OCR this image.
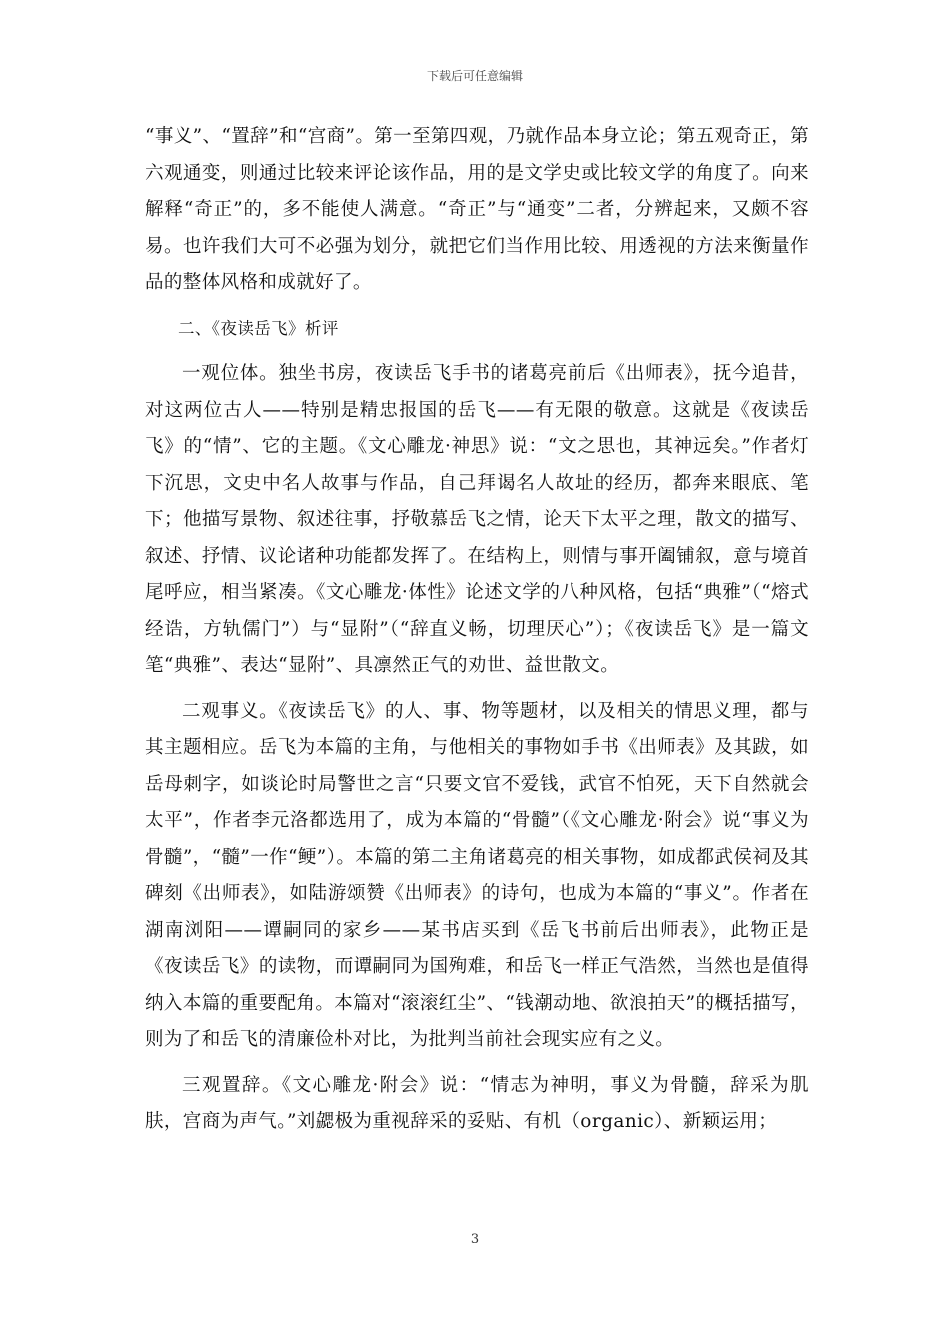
下载后可任意编辑

“事义”、“置辞”和“宫商”。第一至第四观，乃就作品本身立论；第五观奇正，第六观通变，则通过比较来评论该作品，用的是文学史或比较文学的角度了。向来解释“奇正”的，多不能使人满意。“奇正”与“通变”二者，分辨起来，又颇不容易。也许我们大可不必强为划分，就把它们当作用比较、用透视的方法来衡量作品的整体风格和成就好了。

二、《夜读岳飞》析评

一观位体。独坐书房，夜读岳飞手书的诸葛亮前后《出师表》，抚今追昔，对这两位古人——特别是精忠报国的岳飞——有无限的敬意。这就是《夜读岳飞》的“情”、它的主题。《文心雕龙·神思》说：“文之思也，其神远矣。”作者灯下沉思，文史中名人故事与作品，自己拜谒名人故址的经历，都奔来眼底、笔下；他描写景物、叙述往事，抒敬慕岳飞之情，论天下太平之理，散文的描写、叙述、抒情、议论诸种功能都发挥了。在结构上，则情与事开阖铺叙，意与境首尾呼应，相当紧凑。《文心雕龙·体性》论述文学的八种风格，包括“典雅”（“熔式经诰，方轨儒门”）与“显附”（“辞直义畅，切理厌心”）；《夜读岳飞》是一篇文笔“典雅”、表达“显附”、具凛然正气的劝世、益世散文。

二观事义。《夜读岳飞》的人、事、物等题材，以及相关的情思义理，都与其主题相应。岳飞为本篇的主角，与他相关的事物如手书《出师表》及其跋，如岳母刺字，如谈论时局警世之言“只要文官不爱钱，武官不怕死，天下自然就会太平”，作者李元洛都选用了，成为本篇的“骨髓”（《文心雕龙·附会》说“事义为骨髓”，“髓”一作“鲠”）。本篇的第二主角诸葛亮的相关事物，如成都武侯祠及其碑刻《出师表》，如陆游颂赞《出师表》的诗句，也成为本篇的“事义”。作者在湖南浏阳——谭嗣同的家乡——某书店买到《岳飞书前后出师表》，此物正是《夜读岳飞》的读物，而谭嗣同为国殉难，和岳飞一样正气浩然，当然也是值得纳入本篇的重要配角。本篇对“滚滚红尘”、“钱潮动地、欲浪拍天”的概括描写，则为了和岳飞的清廉俭朴对比，为批判当前社会现实应有之义。

三观置辞。《文心雕龙·附会》说：“情志为神明，事义为骨髓，辞采为肌肤，宫商为声气。”刘勰极为重视辞采的妥贴、有机（organic）、新颖运用；

3
